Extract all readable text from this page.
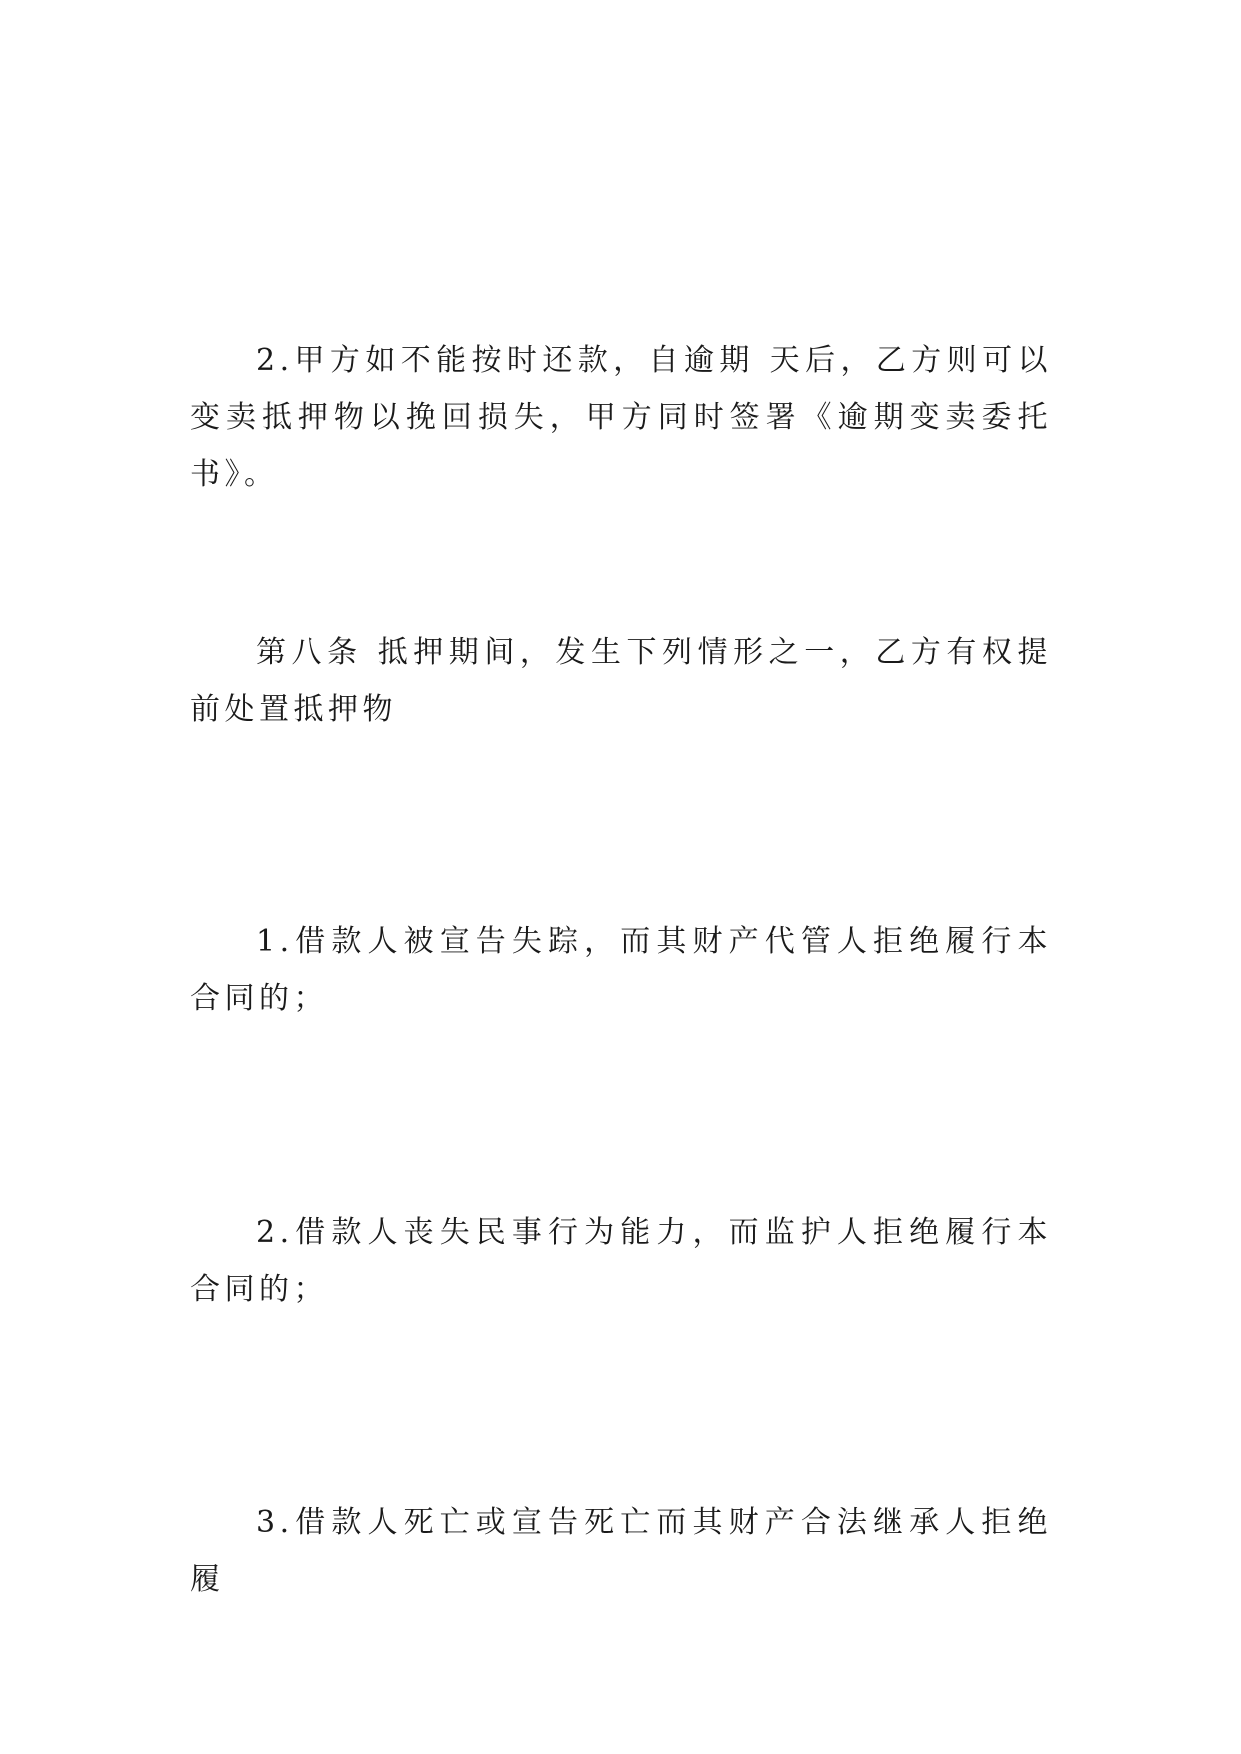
2.甲方如不能按时还款，自逾期 天后，乙方则可以变卖抵押物以挽回损失，甲方同时签署《逾期变卖委托书》。

第八条 抵押期间，发生下列情形之一，乙方有权提前处置抵押物

1.借款人被宣告失踪，而其财产代管人拒绝履行本合同的；

2.借款人丧失民事行为能力，而监护人拒绝履行本合同的；

3.借款人死亡或宣告死亡而其财产合法继承人拒绝履
